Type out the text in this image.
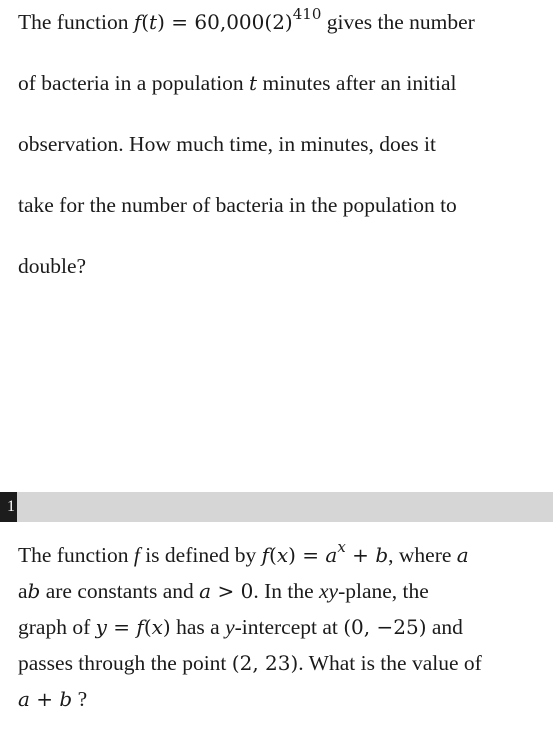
The function $f(t) = 60,000(2)^{410}$ gives the number
of bacteria in a population t minutes after an initial
observation. How much time, in minutes, does it
take for the number of bacteria in the population to
double?
1
The function f is defined by $f(x) = a^x + b$, where a
ab are constants and a > 0. In the xy-plane, the
graph of y = f(x) has a y-intercept at (0, −25) and
passes through the point (2, 23). What is the value of
a + b ?
